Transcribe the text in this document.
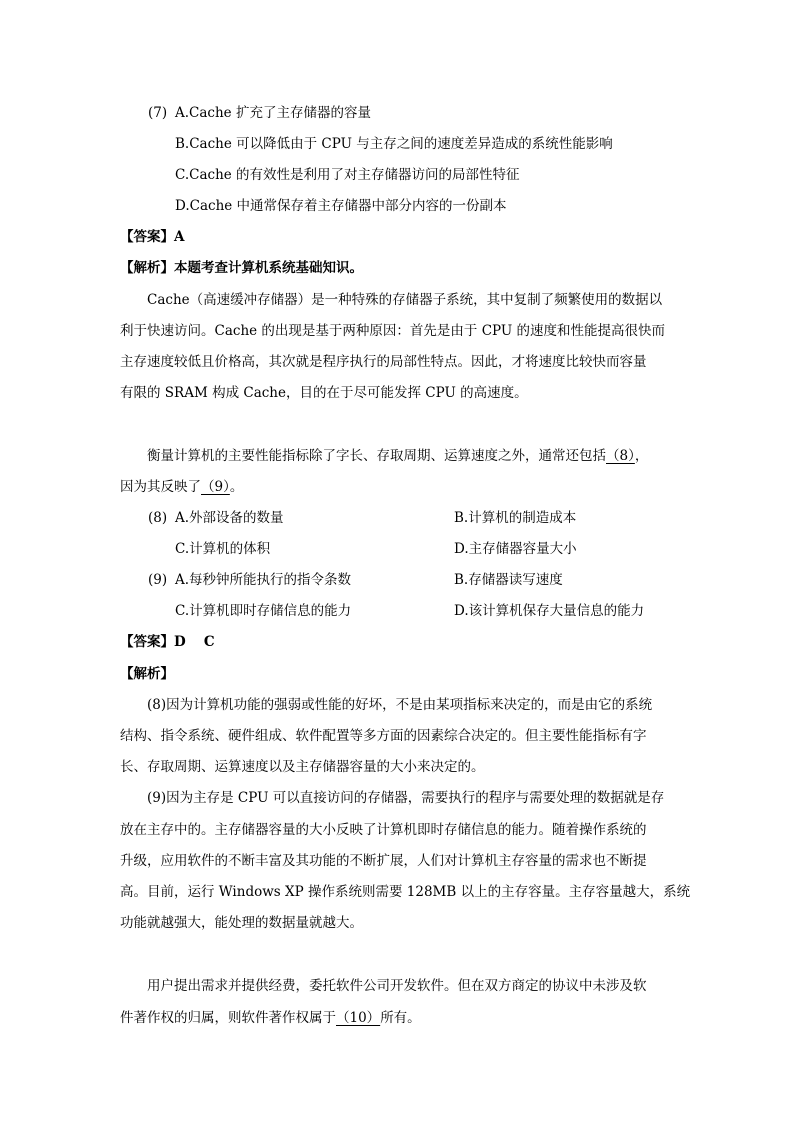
(7) A.Cache 扩充了主存储器的容量
B.Cache 可以降低由于 CPU 与主存之间的速度差异造成的系统性能影响
C.Cache 的有效性是利用了对主存储器访问的局部性特征
D.Cache 中通常保存着主存储器中部分内容的一份副本
【答案】A
【解析】本题考查计算机系统基础知识。
Cache（高速缓冲存储器）是一种特殊的存储器子系统，其中复制了频繁使用的数据以
利于快速访问。Cache 的出现是基于两种原因：首先是由于 CPU 的速度和性能提高很快而
主存速度较低且价格高，其次就是程序执行的局部性特点。因此，才将速度比较快而容量
有限的 SRAM 构成 Cache，目的在于尽可能发挥 CPU 的高速度。
衡量计算机的主要性能指标除了字长、存取周期、运算速度之外，通常还包括（8），
因为其反映了（9）。
(8) A.外部设备的数量	B.计算机的制造成本
C.计算机的体积	D.主存储器容量大小
(9) A.每秒钟所能执行的指令条数	B.存储器读写速度
C.计算机即时存储信息的能力	D.该计算机保存大量信息的能力
【答案】D　 C
【解析】
(8)因为计算机功能的强弱或性能的好坏，不是由某项指标来决定的，而是由它的系统
结构、指令系统、硬件组成、软件配置等多方面的因素综合决定的。但主要性能指标有字
长、存取周期、运算速度以及主存储器容量的大小来决定的。
(9)因为主存是 CPU 可以直接访问的存储器，需要执行的程序与需要处理的数据就是存
放在主存中的。主存储器容量的大小反映了计算机即时存储信息的能力。随着操作系统的
升级，应用软件的不断丰富及其功能的不断扩展，人们对计算机主存容量的需求也不断提
高。目前，运行 Windows XP 操作系统则需要 128MB 以上的主存容量。主存容量越大，系统
功能就越强大，能处理的数据量就越大。
用户提出需求并提供经费，委托软件公司开发软件。但在双方商定的协议中未涉及软
件著作权的归属，则软件著作权属于（10）所有。
